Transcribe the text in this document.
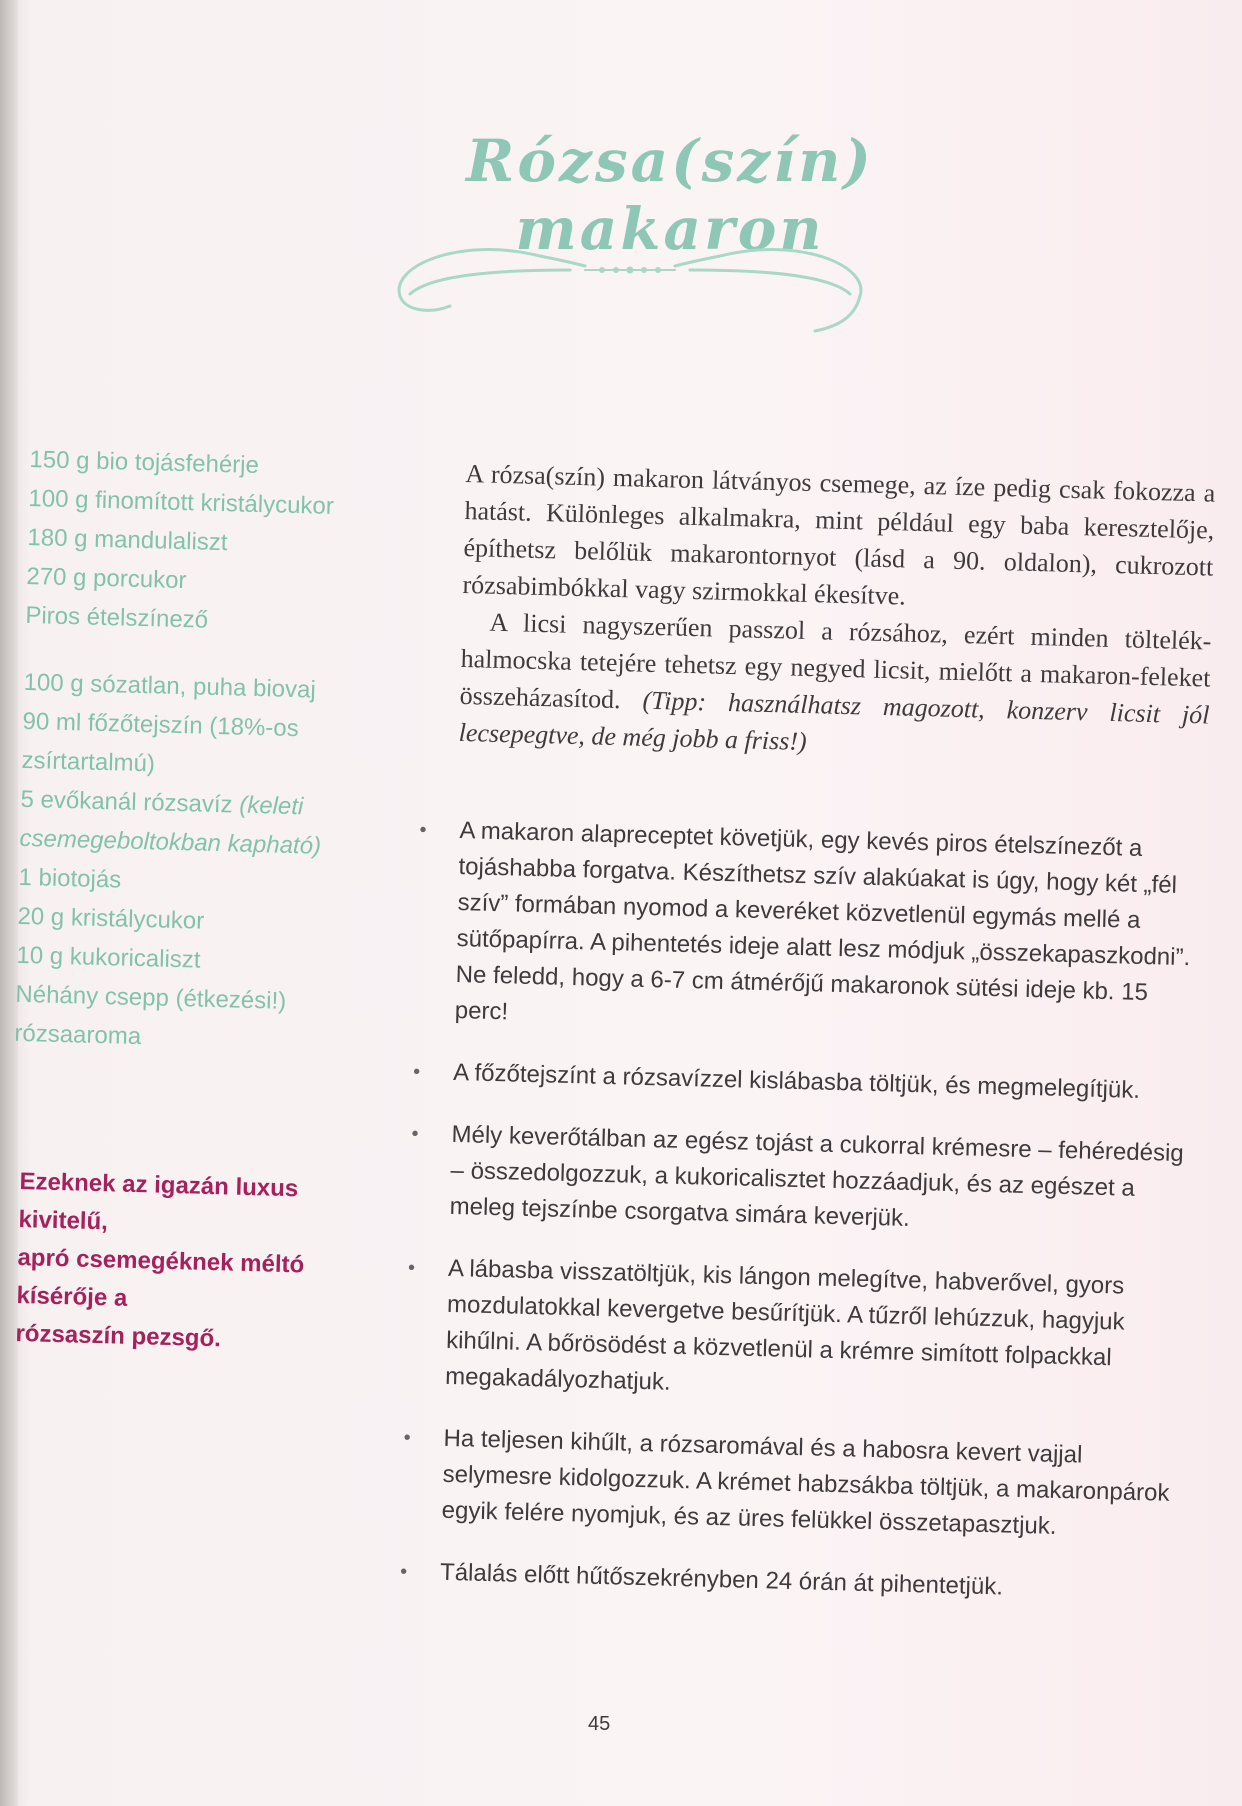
Rózsa(szín) makaron
150 g bio tojásfehérje
100 g finomított kristálycukor
180 g mandulaliszt
270 g porcukor
Piros ételszínező
100 g sózatlan, puha biovaj
90 ml főzőtejszín (18%-os
zsírtartalmú)
5 evőkanál rózsavíz (keleti
csemegeboltokban kapható)
1 biotojás
20 g kristálycukor
10 g kukoricaliszt
Néhány csepp (étkezési!) rózsaaroma
Ezeknek az igazán luxus kivitelű,
apró csemegéknek méltó kísérője a
rózsaszín pezsgő.

A rózsa(szín) makaron látványos csemege, az íze pedig csak fokozza a hatást. Különleges alkalmakra, mint például egy baba keresztelője, építhetsz belőlük makarontornyot (lásd a 90. oldalon), cukrozott rózsabimbókkal vagy szirmokkal ékesítve.

A licsi nagyszerűen passzol a rózsához, ezért minden töltelék-halmocska tetejére tehetsz egy negyed licsit, mielőtt a makaron-feleket összeházasítod. (Tipp: használhatsz magozott, konzerv licsit jól lecsepegtve, de még jobb a friss!)

• A makaron alapreceptet követjük, egy kevés piros ételszínezőt a tojáshabba forgatva. Készíthetsz szív alakúakat is úgy, hogy két „fél szív” formában nyomod a keveréket közvetlenül egymás mellé a sütőpapírra. A pihentetés ideje alatt lesz módjuk „összekapaszkodni”. Ne feledd, hogy a 6-7 cm átmérőjű makaronok sütési ideje kb. 15 perc!
• A főzőtejszínt a rózsavízzel kislábasba töltjük, és megmelegítjük.
• Mély keverőtálban az egész tojást a cukorral krémesre – fehéredésig – összedolgozzuk, a kukoricalisztet hozzáadjuk, és az egészet a meleg tejszínbe csorgatva simára keverjük.
• A lábasba visszatöltjük, kis lángon melegítve, habverővel, gyors mozdulatokkal kevergetve besűrítjük. A tűzről lehúzzuk, hagyjuk kihűlni. A bőrösödést a közvetlenül a krémre simított folpackkal megakadályozhatjuk.
• Ha teljesen kihűlt, a rózsaromával és a habosra kevert vajjal selymesre kidolgozzuk. A krémet habzsákba töltjük, a makaronpárok egyik felére nyomjuk, és az üres felükkel összetapasztjuk.
• Tálalás előtt hűtőszekrényben 24 órán át pihentetjük.
45
